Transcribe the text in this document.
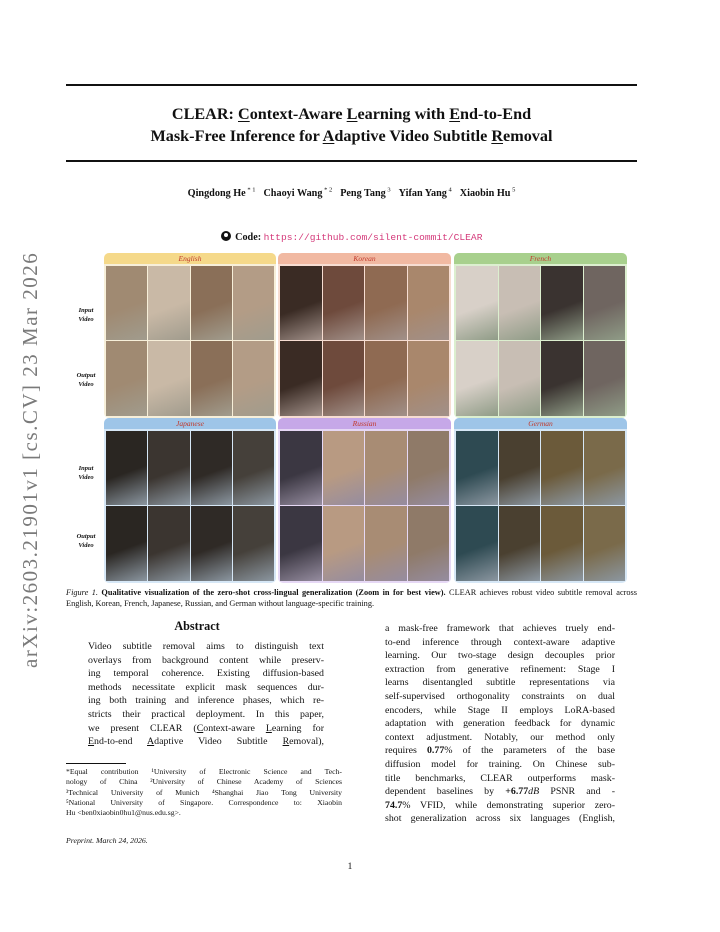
arXiv:2603.21901v1 [cs.CV] 23 Mar 2026
CLEAR: Context-Aware Learning with End-to-End
Mask-Free Inference for Adaptive Video Subtitle Removal
Qingdong He $^{* 1}$ Chaoyi Wang $^{* 2}$ Peng Tang $^3$ Yifan Yang $^4$ Xiaobin Hu $^5$
Code: https://github.com/silent-commit/CLEAR
Input
Video
Output
Video
Input
Video
Output
Video
English	Korean	French
Japanese	Russian	German
Figure 1. Qualitative visualization of the zero-shot cross-lingual generalization (Zoom in for best view). CLEAR achieves robust video subtitle removal across English, Korean, French, Japanese, Russian, and German without language-specific training.
Abstract
Video subtitle removal aims to distinguish text
overlays from background content while preserv-
ing temporal coherence. Existing diffusion-based
methods necessitate explicit mask sequences dur-
ing both training and inference phases, which re-
stricts their practical deployment. In this paper,
we present CLEAR (Context-aware Learning for
End-to-end Adaptive Video Subtitle Removal),
a mask-free framework that achieves truely end-
to-end inference through context-aware adaptive
learning. Our two-stage design decouples prior
extraction from generative refinement: Stage I
learns disentangled subtitle representations via
self-supervised orthogonality constraints on dual
encoders, while Stage II employs LoRA-based
adaptation with generation feedback for dynamic
context adjustment. Notably, our method only
requires 0.77% of the parameters of the base
diffusion model for training. On Chinese sub-
title benchmarks, CLEAR outperforms mask-
dependent baselines by +6.77dB PSNR and -
74.7% VFID, while demonstrating superior zero-
shot generalization across six languages (English,
*Equal contribution ¹University of Electronic Science and Tech-
nology of China ²University of Chinese Academy of Sciences
³Technical University of Munich ⁴Shanghai Jiao Tong University
⁵National University of Singapore. Correspondence to: Xiaobin
Hu <ben0xiaobin0hu1@nus.edu.sg>.
Preprint. March 24, 2026.
1
